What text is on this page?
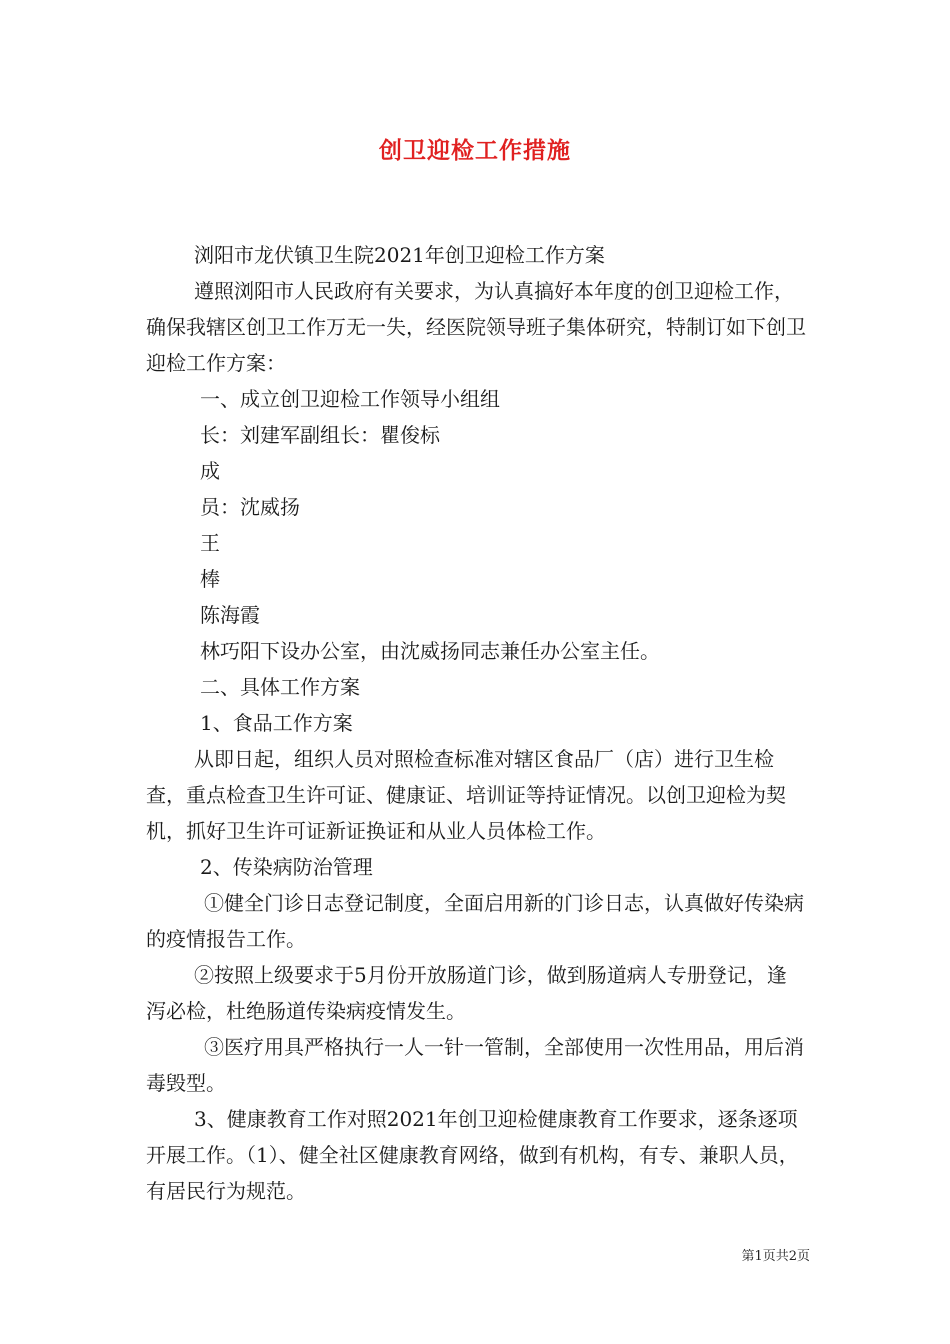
创卫迎检工作措施

浏阳市龙伏镇卫生院2021年创卫迎检工作方案

遵照浏阳市人民政府有关要求，为认真搞好本年度的创卫迎检工作，确保我辖区创卫工作万无一失，经医院领导班子集体研究，特制订如下创卫迎检工作方案：

一、成立创卫迎检工作领导小组组

长：刘建军副组长：瞿俊标

成

员：沈威扬

王

棒

陈海霞

林巧阳下设办公室，由沈威扬同志兼任办公室主任。

二、具体工作方案

1、食品工作方案

从即日起，组织人员对照检查标准对辖区食品厂（店）进行卫生检查，重点检查卫生许可证、健康证、培训证等持证情况。以创卫迎检为契机，抓好卫生许可证新证换证和从业人员体检工作。

2、传染病防治管理

①健全门诊日志登记制度，全面启用新的门诊日志，认真做好传染病的疫情报告工作。

②按照上级要求于5月份开放肠道门诊，做到肠道病人专册登记，逢泻必检，杜绝肠道传染病疫情发生。

③医疗用具严格执行一人一针一管制，全部使用一次性用品，用后消毒毁型。

3、健康教育工作对照2021年创卫迎检健康教育工作要求，逐条逐项开展工作。（1）、健全社区健康教育网络，做到有机构，有专、兼职人员，有居民行为规范。

第1页共2页
